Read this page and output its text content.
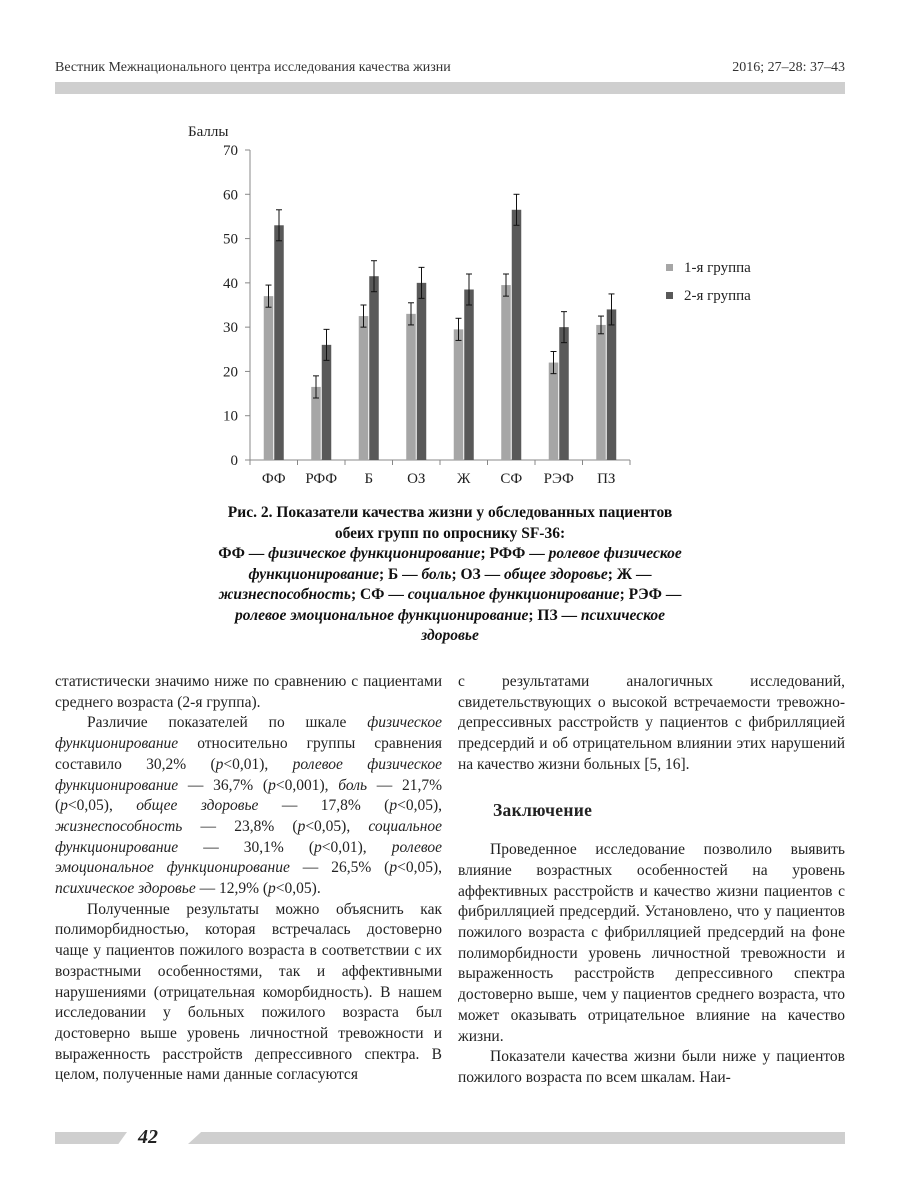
Вестник Межнационального центра исследования качества жизни	2016; 27–28: 37–43
Баллы
0
10
20
30
40
50
60
70
ФФ РФФ Б ОЗ Ж СФ РЭФ ПЗ
1-я группа
2-я группа
Рис. 2. Показатели качества жизни у обследованных пациентов обеих групп по опроснику SF-36:
ФФ — физическое функционирование; РФФ — ролевое физическое функционирование; Б — боль; ОЗ — общее здоровье; Ж — жизнеспособность; СФ — социальное функционирование; РЭФ — ролевое эмоциональное функционирование; ПЗ — психическое здоровье

статистически значимо ниже по сравнению с пациентами среднего возраста (2-я группа).

Различие показателей по шкале физическое функционирование относительно группы сравнения составило 30,2% (p<0,01), ролевое физическое функционирование — 36,7% (p<0,001), боль — 21,7% (p<0,05), общее здоровье — 17,8% (p<0,05), жизнеспособность — 23,8% (p<0,05), социальное функционирование — 30,1% (p<0,01), ролевое эмоциональное функционирование — 26,5% (p<0,05), психическое здоровье — 12,9% (p<0,05).

Полученные результаты можно объяснить как полиморбидностью, которая встречалась достоверно чаще у пациентов пожилого возраста в соответствии с их возрастными особенностями, так и аффективными нарушениями (отрицательная коморбидность). В нашем исследовании у больных пожилого возраста был достоверно выше уровень личностной тревожности и выраженность расстройств депрессивного спектра. В целом, полученные нами данные согласуются

с результатами аналогичных исследований, свидетельствующих о высокой встречаемости тревожно-депрессивных расстройств у пациентов с фибрилляцией предсердий и об отрицательном влиянии этих нарушений на качество жизни больных [5, 16].

Заключение

Проведенное исследование позволило выявить влияние возрастных особенностей на уровень аффективных расстройств и качество жизни пациентов с фибрилляцией предсердий. Установлено, что у пациентов пожилого возраста с фибрилляцией предсердий на фоне полиморбидности уровень личностной тревожности и выраженность расстройств депрессивного спектра достоверно выше, чем у пациентов среднего возраста, что может оказывать отрицательное влияние на качество жизни.

Показатели качества жизни были ниже у пациентов пожилого возраста по всем шкалам. Наи-

42
